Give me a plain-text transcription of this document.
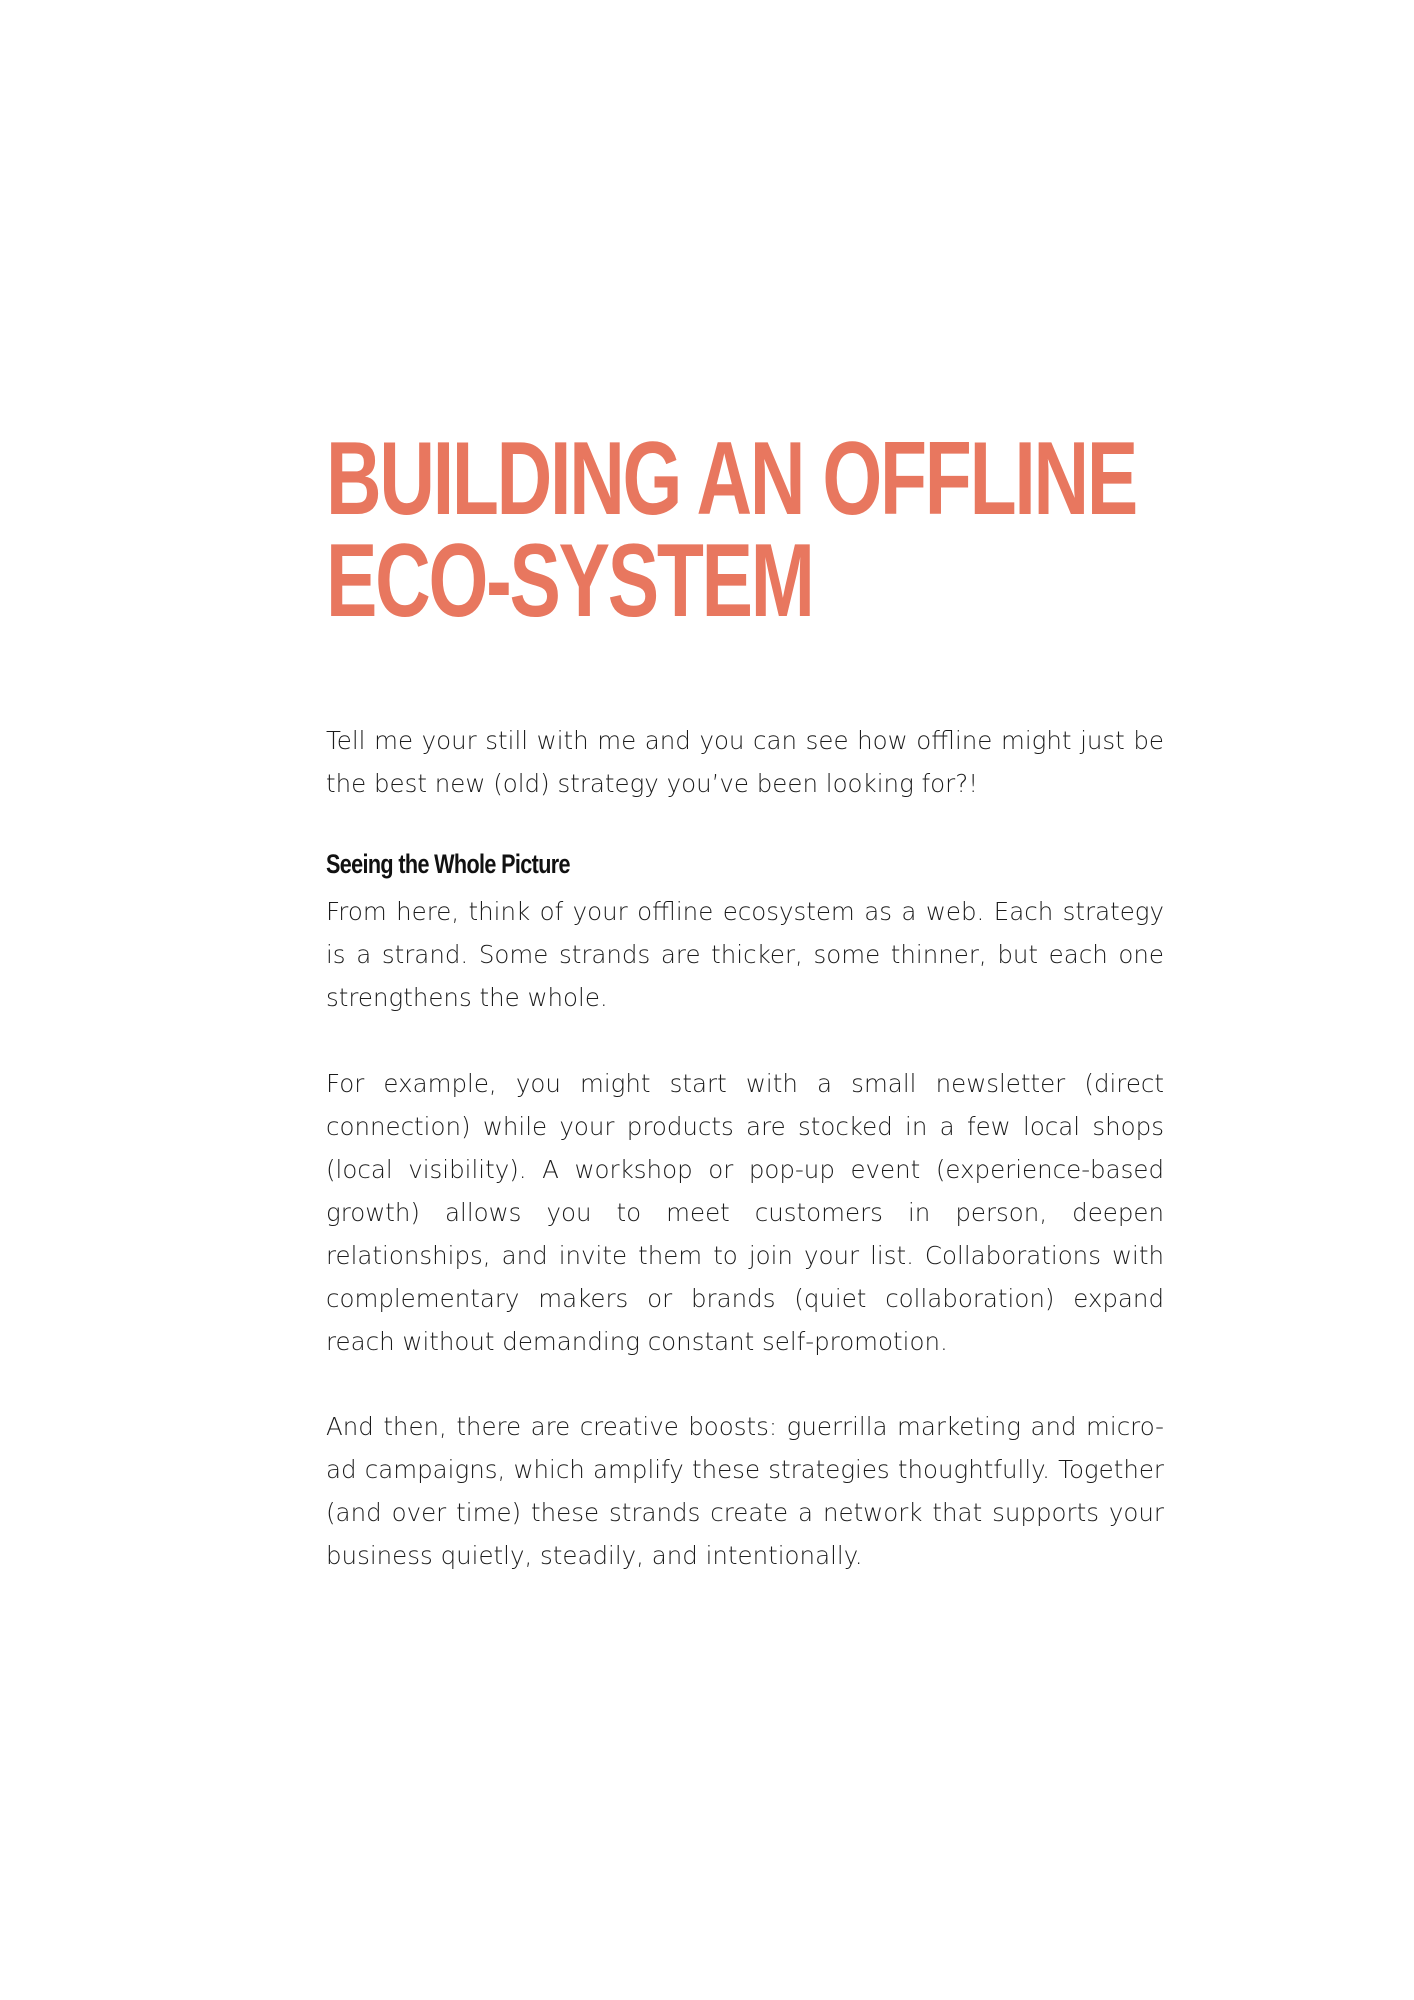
BUILDING AN OFFLINE
ECO-SYSTEM

Tell me your still with me and you can see how offline might just be the best new (old) strategy you’ve been looking for?!

Seeing the Whole Picture

From here, think of your offline ecosystem as a web. Each strategy is a strand. Some strands are thicker, some thinner, but each one strengthens the whole.

For example, you might start with a small newsletter (direct connection) while your products are stocked in a few local shops (local visibility). A workshop or pop-up event (experience-based growth) allows you to meet customers in person, deepen relationships, and invite them to join your list. Collaborations with complementary makers or brands (quiet collaboration) expand reach without demanding constant self-promotion.

And then, there are creative boosts: guerrilla marketing and micro-ad campaigns, which amplify these strategies thoughtfully. Together (and over time) these strands create a network that supports your business quietly, steadily, and intentionally.
